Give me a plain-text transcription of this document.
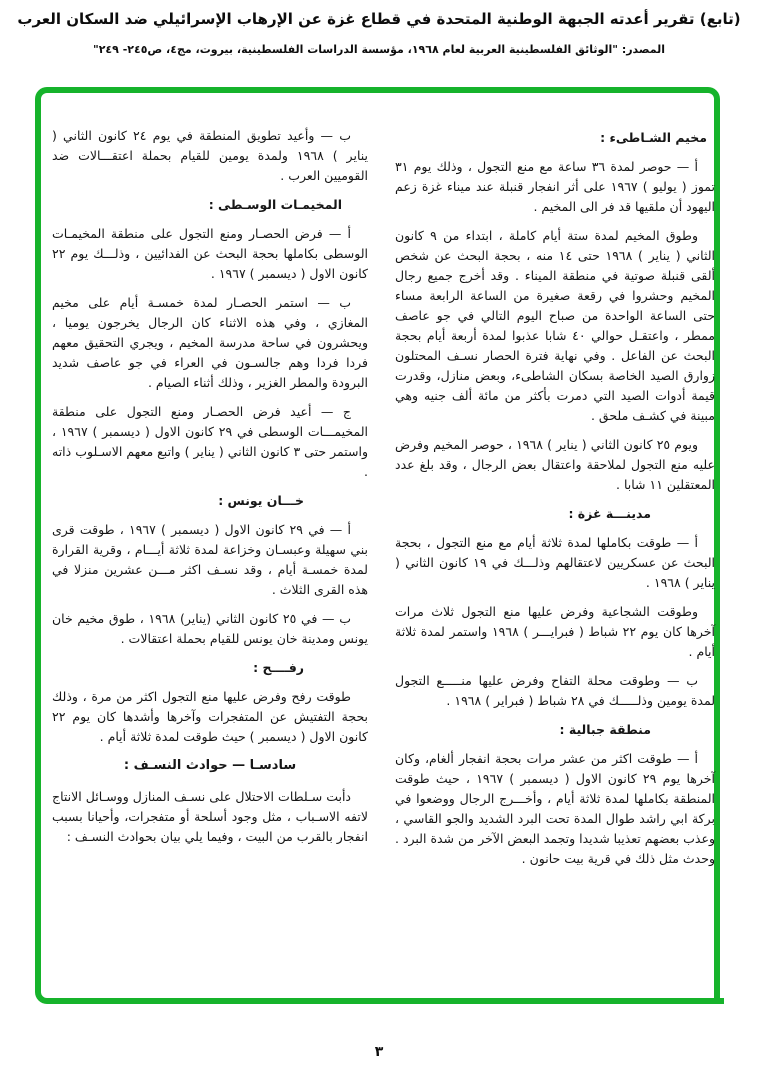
(تابع) تقرير أعدته الجبهة الوطنية المتحدة في قطاع غزة عن الإرهاب الإسرائيلي ضد السكان العرب
المصدر: "الوثائق الفلسطينية العربية لعام ١٩٦٨، مؤسسة الدراسات الفلسطينية، بيروت، مج٤، ص٢٤٥- ٢٤٩"
مخيم الشـاطىء :

أ — حوصر لمدة ٣٦ ساعة مع منع التجول ، وذلك يوم ٣١ تموز ( يوليو ) ١٩٦٧ على أثر انفجار قنبلة عند ميناء غزة زعم اليهود أن ملقيها قد فر الى المخيم .

وطوق المخيم لمدة ستة أيام كاملة ، ابتداء من ٩ كانون الثاني ( يناير ) ١٩٦٨ حتى ١٤ منه ، بحجة البحث عن شخص ألقى قنبلة صوتية في منطقة الميناء . وقد أخرج جميع رجال المخيم وحشروا في رقعة صغيرة من الساعة الرابعة مساء حتى الساعة الواحدة من صباح اليوم التالي في جو عاصف ممطر ، واعتقـل حوالي ٤٠ شابا عذبوا لمدة أربعة أيام بحجة البحث عن الفاعل . وفي نهاية فترة الحصار نسـف المحتلون زوارق الصيد الخاصة بسكان الشاطىء، وبعض منازل، وقدرت قيمة أدوات الصيد التي دمرت بأكثر من مائة ألف جنيه وهي مبينة في كشـف ملحق .

ويوم ٢٥ كانون الثاني ( يناير ) ١٩٦٨ ، حوصر المخيم وفرض عليه منع التجول لملاحقة واعتقال بعض الرجال ، وقد بلغ عدد المعتقلين ١١ شابا .

مدينـــة غزة :

أ — طوقت بكاملها لمدة ثلاثة أيام مع منع التجول ، بحجة البحث عن عسكريين لاعتقالهم وذلـــك في ١٩ كانون الثاني ( يناير ) ١٩٦٨ .

وطوقت الشجاعية وفرض عليها منع التجول ثلاث مرات آخرها كان يوم ٢٢ شباط ( فبرايـــر ) ١٩٦٨ واستمر لمدة ثلاثة أيام .

ب — وطوقت محلة التفاح وفرض عليها منـــــع التجول لمدة يومين وذلـــــك في ٢٨ شباط ( فبراير ) ١٩٦٨ .

منطقة جبالية :

أ — طوقت اكثر من عشر مرات بحجة انفجار ألغام، وكان آخرها يوم ٢٩ كانون الاول ( ديسمبر ) ١٩٦٧ ، حيث طوقت المنطقة بكاملها لمدة ثلاثة أيام ، وأخـــرج الرجال ووضعوا في بركة ابي راشد طوال المدة تحت البرد الشديد والجو القاسي ، وعذب بعضهم تعذيبا شديدا وتجمد البعض الآخر من شدة البرد . وحدث مثل ذلك في قرية بيت حانون .

ب — وأعيد تطويق المنطقة في يوم ٢٤ كانون الثاني ( يناير ) ١٩٦٨ ولمدة يومين للقيام بحملة اعتقـــالات ضد القوميين العرب .

المخيمـات الوسـطى :

أ — فرض الحصـار ومنع التجول على منطقة المخيمـات الوسطى بكاملها بحجة البحث عن الفدائيين ، وذلـــك يوم ٢٢ كانون الاول ( ديسمبر ) ١٩٦٧ .

ب — استمر الحصـار لمدة خمسـة أيام على مخيم المغازي ، وفي هذه الاثناء كان الرجال يخرجون يوميا ، ويحشرون في ساحة مدرسة المخيم ، ويجري التحقيق معهم فردا فردا وهم جالسـون في العراء في جو عاصف شديد البرودة والمطر الغزير ، وذلك أثناء الصيام .

ج — أعيد فرض الحصـار ومنع التجول على منطقة المخيمـــات الوسطى في ٢٩ كانون الاول ( ديسمبر ) ١٩٦٧ ، واستمر حتى ٣ كانون الثاني ( يناير ) واتبع معهم الاسـلوب ذاته .

خـــان يونس :

أ — في ٢٩ كانون الاول ( ديسمبر ) ١٩٦٧ ، طوقت قرى بني سهيلة وعبسـان وخزاعة لمدة ثلاثة أيـــام ، وقرية القرارة لمدة خمسـة أيام ، وقد نسـف اكثر مـــن عشرين منزلا في هذه القرى الثلاث .

ب — في ٢٥ كانون الثاني (يناير) ١٩٦٨ ، طوق مخيم خان يونس ومدينة خان يونس للقيام بحملة اعتقالات .

رفــــح :

طوقت رفح وفرض عليها منع التجول اكثر من مرة ، وذلك بحجة التفتيش عن المتفجرات وآخرها وأشدها كان يوم ٢٢ كانون الاول ( ديسمبر ) حيث طوقت لمدة ثلاثة أيام .

سادسـا — حوادث النسـف :

دأبت سـلطات الاحتلال على نسـف المنازل ووسـائل الانتاج لاتفه الاسـباب ، مثل وجود أسلحة أو متفجرات، وأحيانا بسبب انفجار بالقرب من البيت ، وفيما يلي بيان بحوادث النسـف :

٣
